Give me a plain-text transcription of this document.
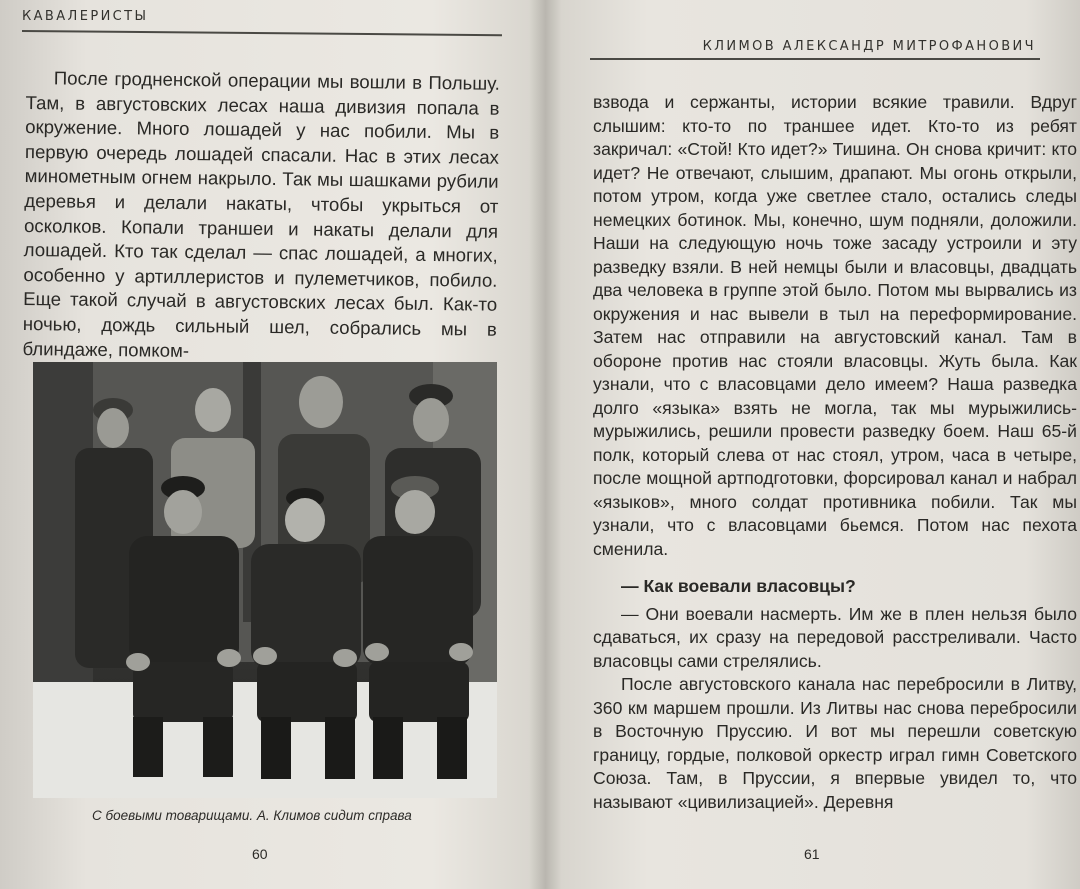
КАВАЛЕРИСТЫ

После гродненской операции мы вошли в Польшу. Там, в августовских лесах наша дивизия попала в окружение. Много лошадей у нас побили. Мы в первую очередь лошадей спасали. Нас в этих лесах минометным огнем накрыло. Так мы шашками рубили деревья и делали накаты, чтобы укрыться от осколков. Копали траншеи и накаты делали для лошадей. Кто так сделал — спас лошадей, а многих, особенно у артиллеристов и пулеметчиков, побило. Еще такой случай в августовских лесах был. Как-то ночью, дождь сильный шел, собрались мы в блиндаже, помком-

С боевыми товарищами. А. Климов сидит справа
60
КЛИМОВ АЛЕКСАНДР МИТРОФАНОВИЧ

взвода и сержанты, истории всякие травили. Вдруг слышим: кто-то по траншее идет. Кто-то из ребят закричал: «Стой! Кто идет?» Тишина. Он снова кричит: кто идет? Не отвечают, слышим, драпают. Мы огонь открыли, потом утром, когда уже светлее стало, остались следы немецких ботинок. Мы, конечно, шум подняли, доложили. Наши на следующую ночь тоже засаду устроили и эту разведку взяли. В ней немцы были и власовцы, двадцать два человека в группе этой было. Потом мы вырвались из окружения и нас вывели в тыл на переформирование. Затем нас отправили на августовский канал. Там в обороне против нас стояли власовцы. Жуть была. Как узнали, что с власовцами дело имеем? Наша разведка долго «языка» взять не могла, так мы мурыжились-мурыжились, решили провести разведку боем. Наш 65-й полк, который слева от нас стоял, утром, часа в четыре, после мощной артподготовки, форсировал канал и набрал «языков», много солдат противника побили. Так мы узнали, что с власовцами бьемся. Потом нас пехота сменила.

— Как воевали власовцы?

— Они воевали насмерть. Им же в плен нельзя было сдаваться, их сразу на передовой расстреливали. Часто власовцы сами стрелялись.

После августовского канала нас перебросили в Литву, 360 км маршем прошли. Из Литвы нас снова перебросили в Восточную Пруссию. И вот мы перешли советскую границу, гордые, полковой оркестр играл гимн Советского Союза. Там, в Пруссии, я впервые увидел то, что называют «цивилизацией». Деревня

61
